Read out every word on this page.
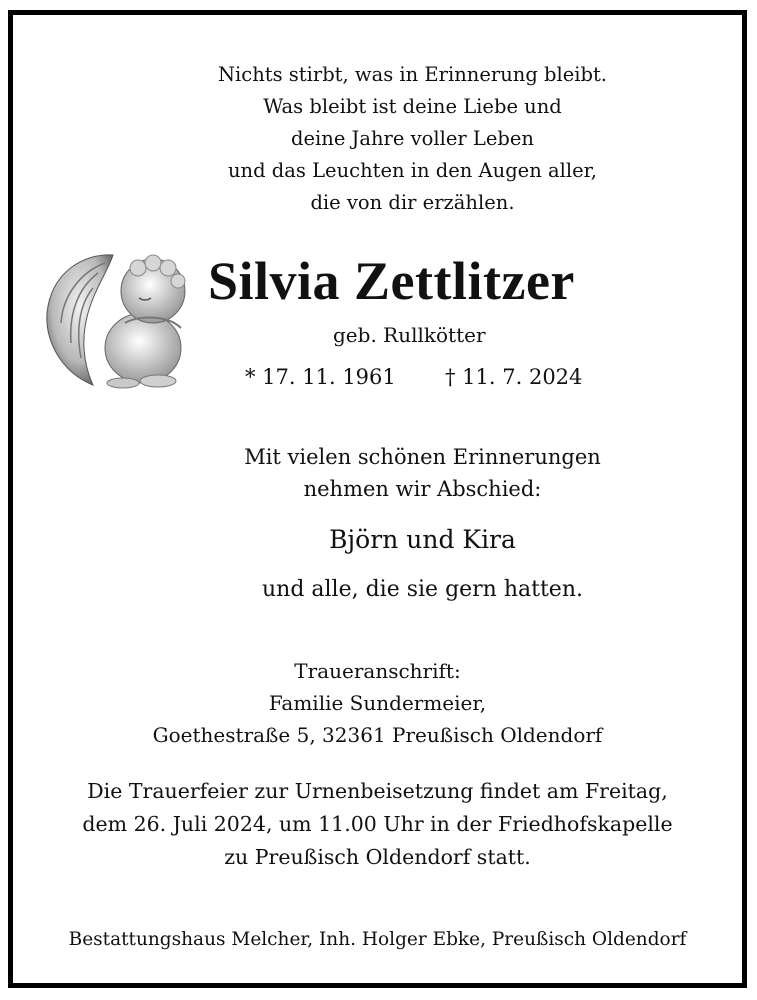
Nichts stirbt, was in Erinnerung bleibt.
Was bleibt ist deine Liebe und
deine Jahre voller Leben
und das Leuchten in den Augen aller,
die von dir erzählen.
Silvia Zettlitzer
geb. Rullkötter
* 17. 11. 1961 † 11. 7. 2024
Mit vielen schönen Erinnerungen
nehmen wir Abschied:
Björn und Kira
und alle, die sie gern hatten.
Traueranschrift:
Familie Sundermeier,
Goethestraße 5, 32361 Preußisch Oldendorf
Die Trauerfeier zur Urnenbeisetzung findet am Freitag,
dem 26. Juli 2024, um 11.00 Uhr in der Friedhofskapelle
zu Preußisch Oldendorf statt.
Bestattungshaus Melcher, Inh. Holger Ebke, Preußisch Oldendorf
